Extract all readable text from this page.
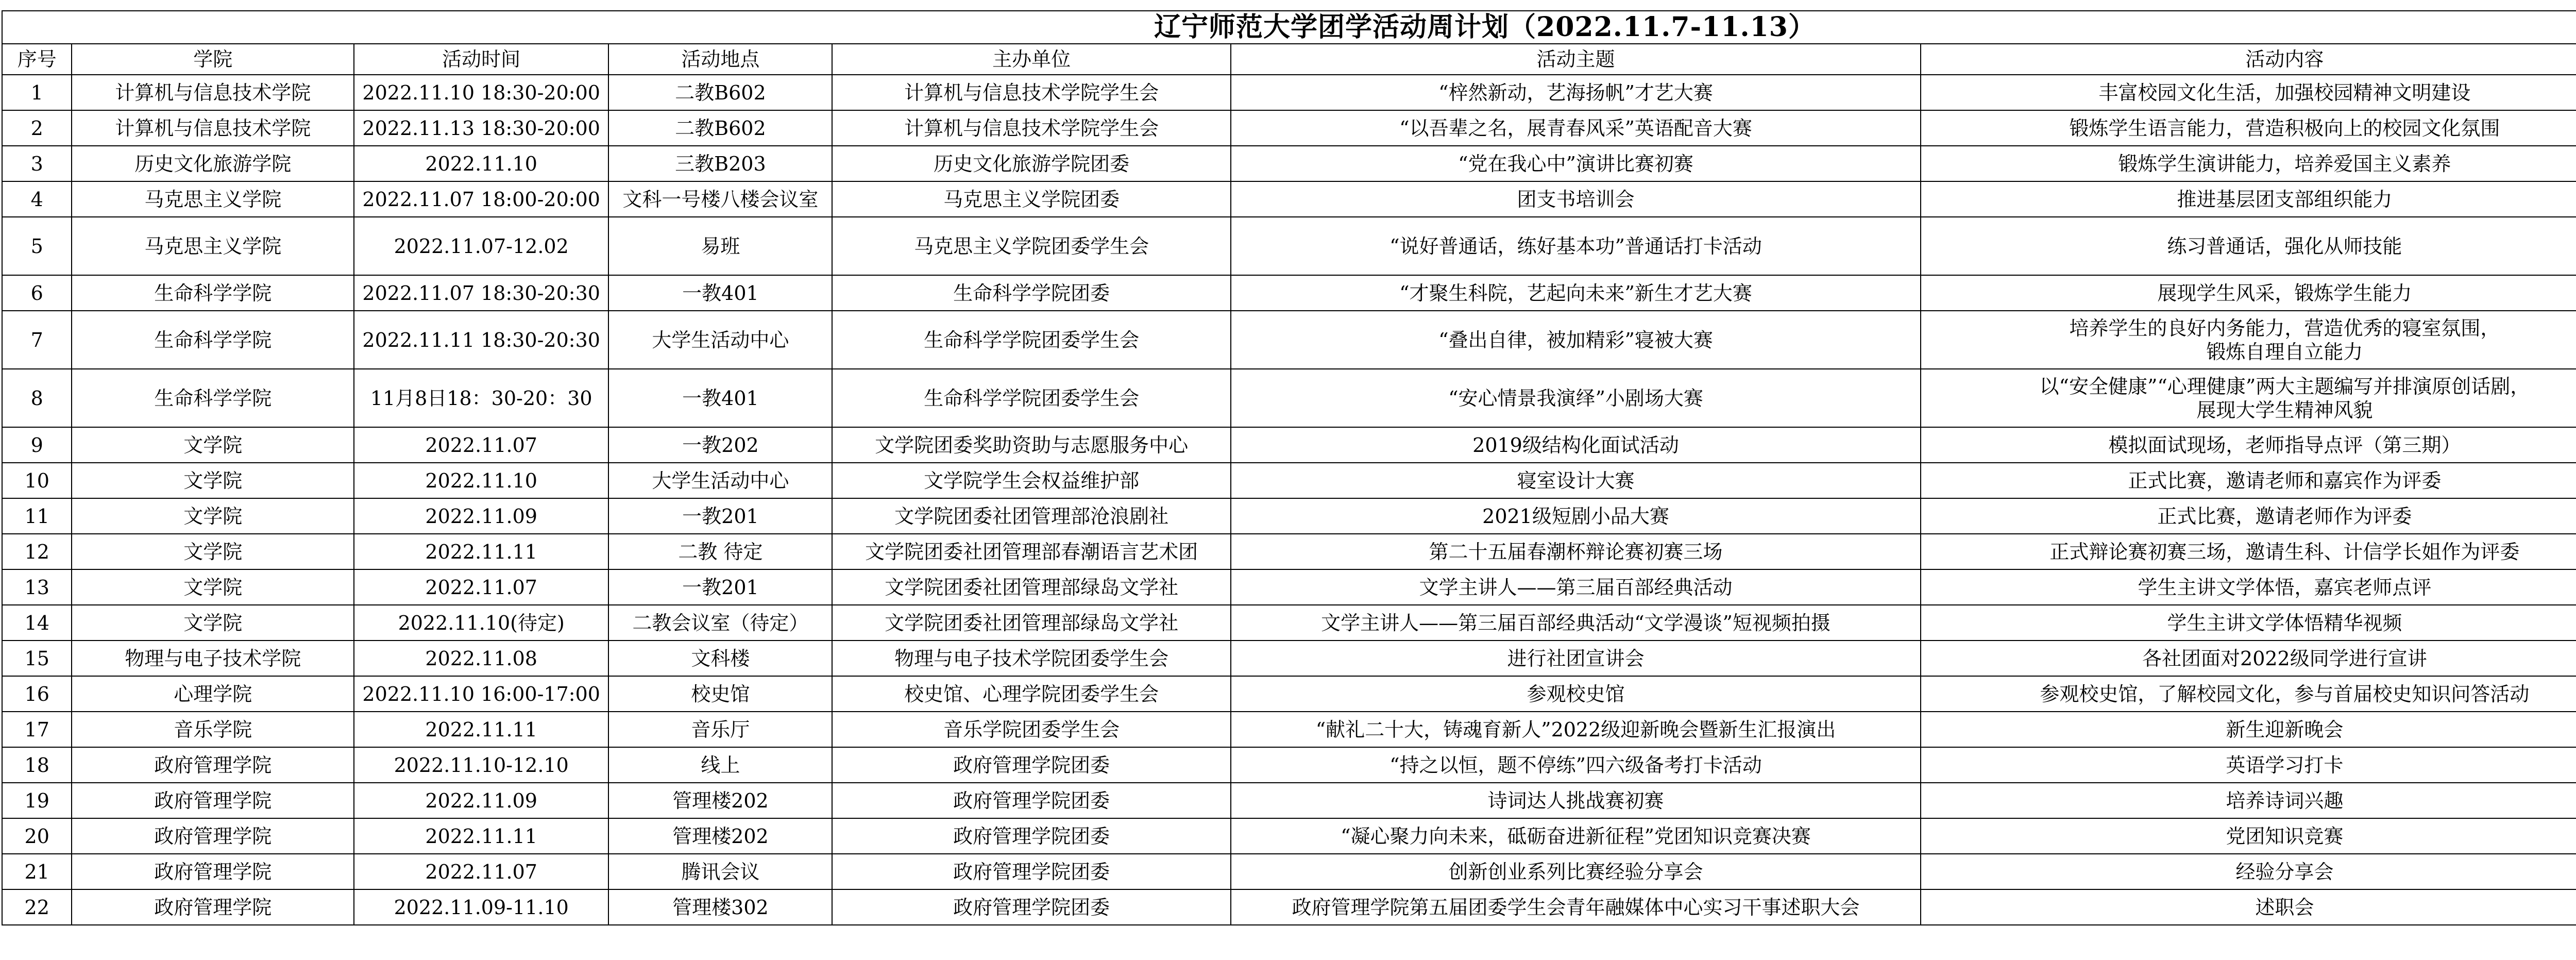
辽宁师范大学团学活动周计划（2022.11.7-11.13）								
序号	学院	活动时间	活动地点	主办单位	活动主题	活动内容		
1	计算机与信息技术学院	2022.11.10 18:30-20:00	二教B602	计算机与信息技术学院学生会	“梓然新动，艺海扬帆”才艺大赛	丰富校园文化生活，加强校园精神文明建设

2	计算机与信息技术学院	2022.11.13 18:30-20:00	二教B602	计算机与信息技术学院学生会	“以吾辈之名，展青春风采”英语配音大赛	锻炼学生语言能力，营造积极向上的校园文化氛围

3	历史文化旅游学院	2022.11.10	三教B203	历史文化旅游学院团委	“党在我心中”演讲比赛初赛	锻炼学生演讲能力，培养爱国主义素养

4	马克思主义学院	2022.11.07 18:00-20:00	文科一号楼八楼会议室	马克思主义学院团委	团支书培训会	推进基层团支部组织能力

5	马克思主义学院	2022.11.07-12.02	易班	马克思主义学院团委学生会	“说好普通话，练好基本功”普通话打卡活动	练习普通话，强化从师技能

6	生命科学学院	2022.11.07 18:30-20:30	一教401	生命科学学院团委	“才聚生科院，艺起向未来”新生才艺大赛	展现学生风采，锻炼学生能力

7	生命科学学院	2022.11.11 18:30-20:30	大学生活动中心	生命科学学院团委学生会	“叠出自律，被加精彩”寝被大赛	培养学生的良好内务能力，营造优秀的寝室氛围，
锻炼自理自立能力

8	生命科学学院	11月8日18：30-20：30	一教401	生命科学学院团委学生会	“安心情景我演绎”小剧场大赛	以“安全健康”“心理健康”两大主题编写并排演原创话剧，
展现大学生精神风貌

9	文学院	2022.11.07	一教202	文学院团委奖助资助与志愿服务中心	2019级结构化面试活动	模拟面试现场，老师指导点评（第三期）

10	文学院	2022.11.10	大学生活动中心	文学院学生会权益维护部	寝室设计大赛	正式比赛，邀请老师和嘉宾作为评委

11	文学院	2022.11.09	一教201	文学院团委社团管理部沧浪剧社	2021级短剧小品大赛	正式比赛，邀请老师作为评委

12	文学院	2022.11.11	二教 待定	文学院团委社团管理部春潮语言艺术团	第二十五届春潮杯辩论赛初赛三场	正式辩论赛初赛三场，邀请生科、计信学长姐作为评委

13	文学院	2022.11.07	一教201	文学院团委社团管理部绿岛文学社	文学主讲人——第三届百部经典活动	学生主讲文学体悟，嘉宾老师点评

14	文学院	2022.11.10(待定)	二教会议室（待定）	文学院团委社团管理部绿岛文学社	文学主讲人——第三届百部经典活动“文学漫谈”短视频拍摄	学生主讲文学体悟精华视频

15	物理与电子技术学院	2022.11.08	文科楼	物理与电子技术学院团委学生会	进行社团宣讲会	各社团面对2022级同学进行宣讲

16	心理学院	2022.11.10 16:00-17:00	校史馆	校史馆、心理学院团委学生会	参观校史馆	参观校史馆，了解校园文化，参与首届校史知识问答活动

17	音乐学院	2022.11.11	音乐厅	音乐学院团委学生会	“献礼二十大，铸魂育新人”2022级迎新晚会暨新生汇报演出	新生迎新晚会

18	政府管理学院	2022.11.10-12.10	线上	政府管理学院团委	“持之以恒，题不停练”四六级备考打卡活动	英语学习打卡

19	政府管理学院	2022.11.09	管理楼202	政府管理学院团委	诗词达人挑战赛初赛	培养诗词兴趣

20	政府管理学院	2022.11.11	管理楼202	政府管理学院团委	“凝心聚力向未来，砥砺奋进新征程”党团知识竞赛决赛	党团知识竞赛

21	政府管理学院	2022.11.07	腾讯会议	政府管理学院团委	创新创业系列比赛经验分享会	经验分享会

22	政府管理学院	2022.11.09-11.10	管理楼302	政府管理学院团委	政府管理学院第五届团委学生会青年融媒体中心实习干事述职大会	述职会
